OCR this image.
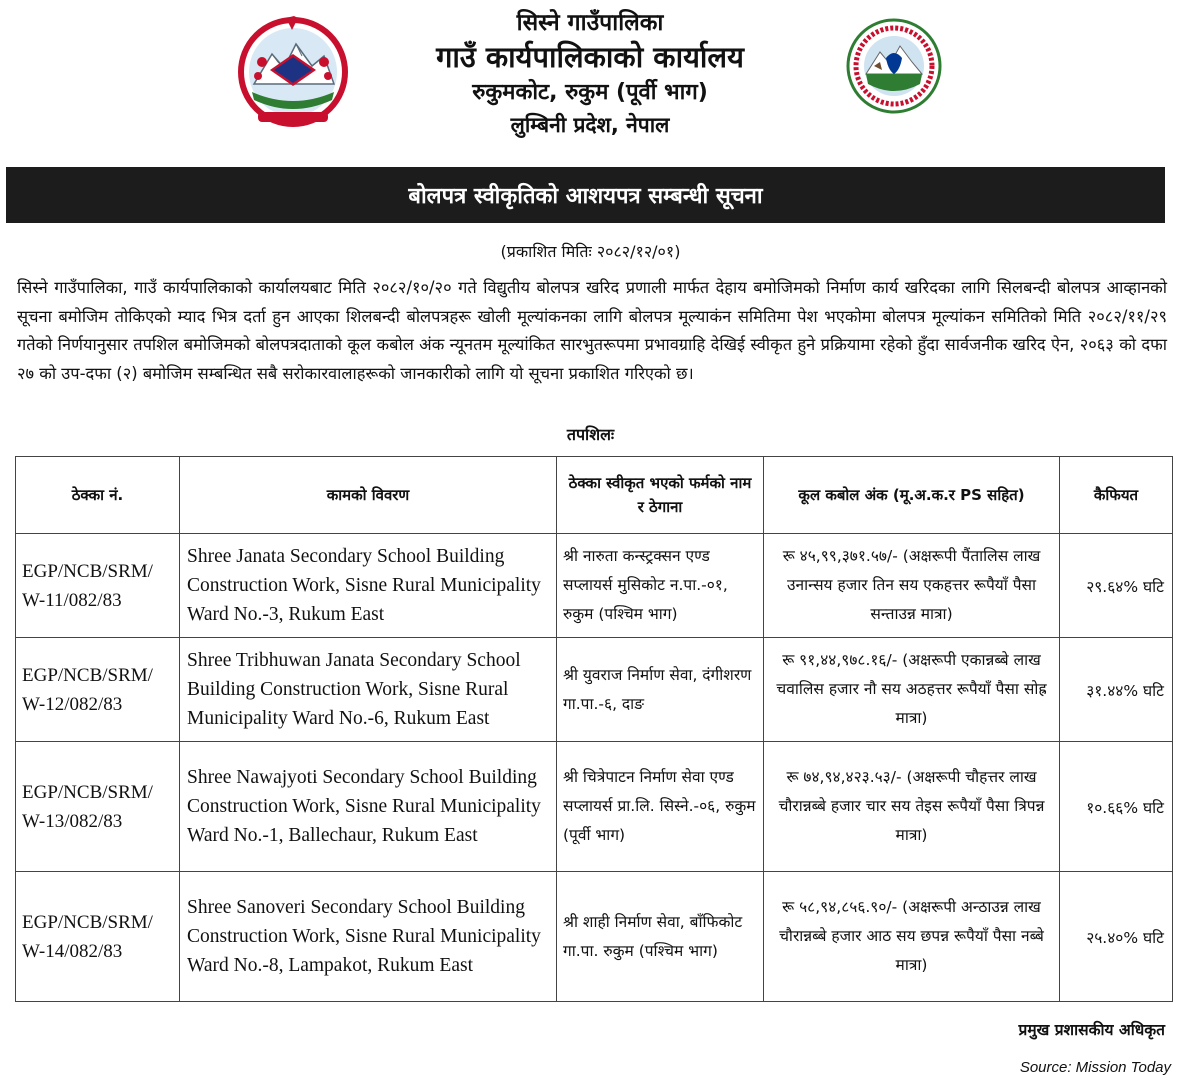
सिस्ने गाउँपालिका
गाउँ कार्यपालिकाको कार्यालय
रुकुमकोट, रुकुम (पूर्वी भाग)
लुम्बिनी प्रदेश, नेपाल
बोलपत्र स्वीकृतिको आशयपत्र सम्बन्धी सूचना
(प्रकाशित मितिः २०८२/१२/०१)
सिस्ने गाउँपालिका, गाउँ कार्यपालिकाको कार्यालयबाट मिति २०८२/१०/२० गते विद्युतीय बोलपत्र खरिद प्रणाली मार्फत देहाय बमोजिमको निर्माण कार्य खरिदका लागि सिलबन्दी बोलपत्र आव्हानको सूचना बमोजिम तोकिएको म्याद भित्र दर्ता हुन आएका शिलबन्दी बोलपत्रहरू खोली मूल्यांकनका लागि बोलपत्र मूल्याकंन समितिमा पेश भएकोमा बोलपत्र मूल्यांकन समितिको मिति २०८२/११/२९ गतेको निर्णयानुसार तपशिल बमोजिमको बोलपत्रदाताको कूल कबोल अंक न्यूनतम मूल्यांकित सारभुतरूपमा प्रभावग्राहि देखिई स्वीकृत हुने प्रक्रियामा रहेको हुँदा सार्वजनीक खरिद ऐन, २०६३ को दफा २७ को उप-दफा (२) बमोजिम सम्बन्धित सबै सरोकारवालाहरूको जानकारीको लागि यो सूचना प्रकाशित गरिएको छ।
तपशिलः
ठेक्का नं.	कामको विवरण	ठेक्का स्वीकृत भएको फर्मको नाम र ठेगाना	कूल कबोल अंक (मू.अ.क.र PS सहित)	कैफियत
EGP/NCB/SRM/ W-11/082/83	Shree Janata Secondary School Building Construction Work, Sisne Rural Municipality Ward No.-3, Rukum East	श्री नारुता कन्स्ट्रक्सन एण्ड सप्लायर्स मुसिकोट न.पा.-०१, रुकुम (पश्चिम भाग)	रू ४५,९९,३७१.५७/- (अक्षरूपी पैंतालिस लाख उनान्सय हजार तिन सय एकहत्तर रूपैयाँ पैसा सन्ताउन्न मात्रा)	२९.६४% घटि
EGP/NCB/SRM/ W-12/082/83	Shree Tribhuwan Janata Secondary School Building Construction Work, Sisne Rural Municipality Ward No.-6, Rukum East	श्री युवराज निर्माण सेवा, दंगीशरण गा.पा.-६, दाङ	रू ९१,४४,९७८.१६/- (अक्षरूपी एकान्नब्बे लाख चवालिस हजार नौ सय अठहत्तर रूपैयाँ पैसा सोह्र मात्रा)	३१.४४% घटि
EGP/NCB/SRM/ W-13/082/83	Shree Nawajyoti Secondary School Building Construction Work, Sisne Rural Municipality Ward No.-1, Ballechaur, Rukum East	श्री चित्रेपाटन निर्माण सेवा एण्ड सप्लायर्स प्रा.लि. सिस्ने.-०६, रुकुम (पूर्वी भाग)	रू ७४,९४,४२३.५३/- (अक्षरूपी चौहत्तर लाख चौरान्नब्बे हजार चार सय तेइस रूपैयाँ पैसा त्रिपन्न मात्रा)	१०.६६% घटि
EGP/NCB/SRM/ W-14/082/83	Shree Sanoveri Secondary School Building Construction Work, Sisne Rural Municipality Ward No.-8, Lampakot, Rukum East	श्री शाही निर्माण सेवा, बाँफिकोट गा.पा. रुकुम (पश्चिम भाग)	रू ५८,९४,८५६.९०/- (अक्षरूपी अन्ठाउन्न लाख चौरान्नब्बे हजार आठ सय छपन्न रूपैयाँ पैसा नब्बे मात्रा)	२५.४०% घटि
प्रमुख प्रशासकीय अधिकृत
Source: Mission Today
